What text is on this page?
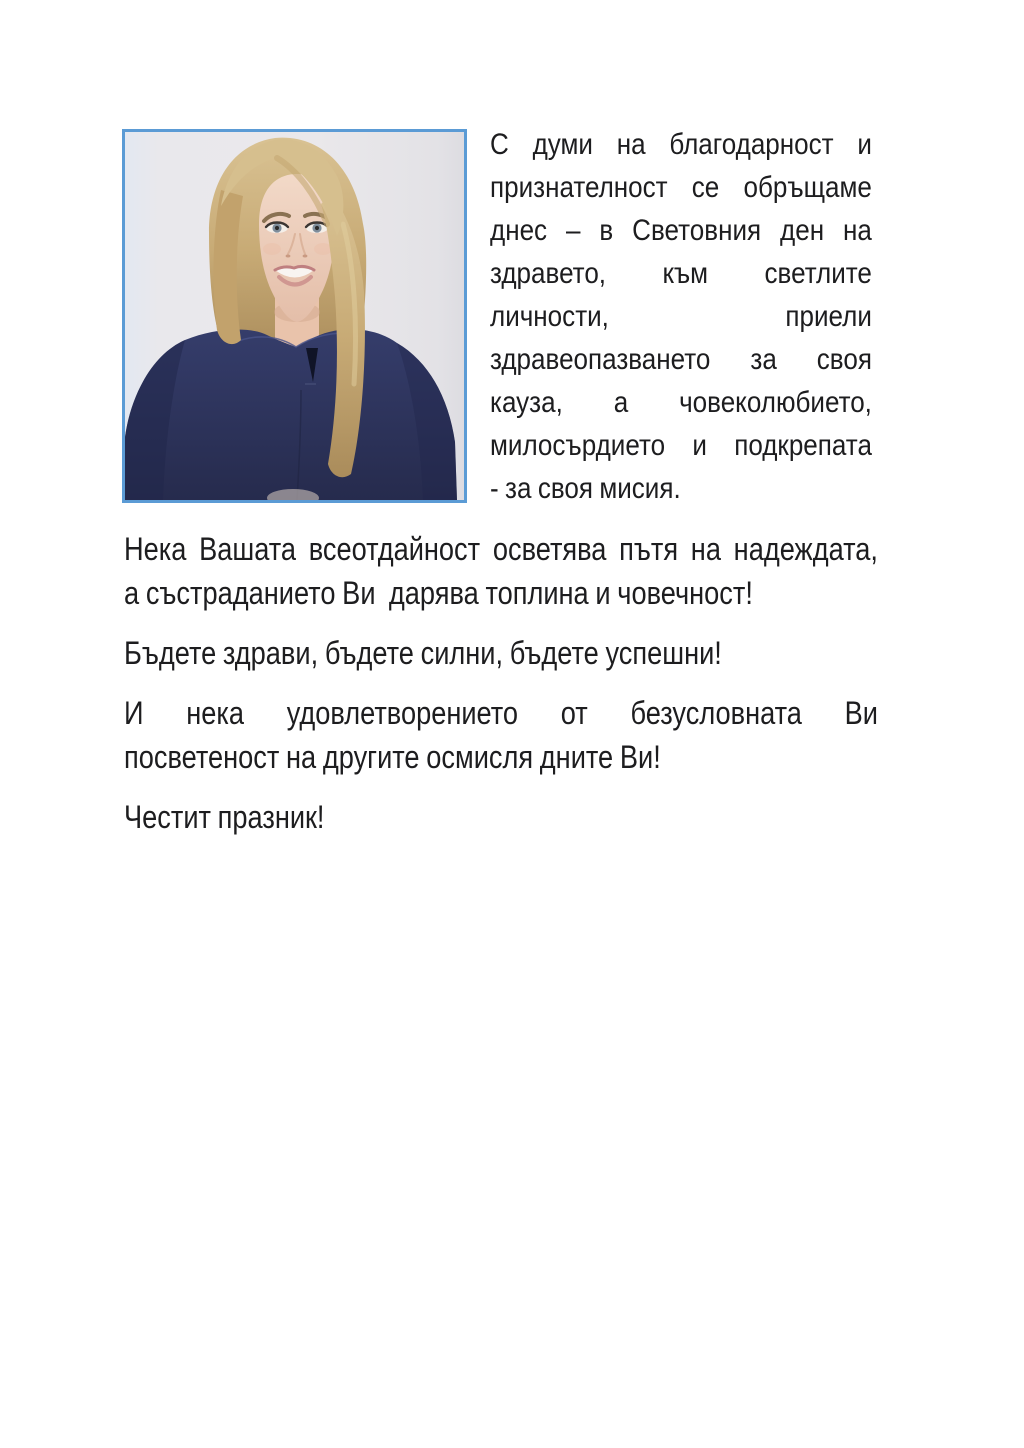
С думи на благодарност и
признателност се обръщаме
днес – в Световния ден на
здравето, към светлите
личности, приели
здравеопазването за своя
кауза, а човеколюбието,
милосърдието и подкрепата
- за своя мисия.
Нека Вашата всеотдайност осветява пътя на надеждата,
а състраданието Ви  дарява топлина и човечност!
Бъдете здрави, бъдете силни, бъдете успешни!
И нека удовлетворението от безусловната Ви
посветеност на другите осмисля дните Ви!
Честит празник!
